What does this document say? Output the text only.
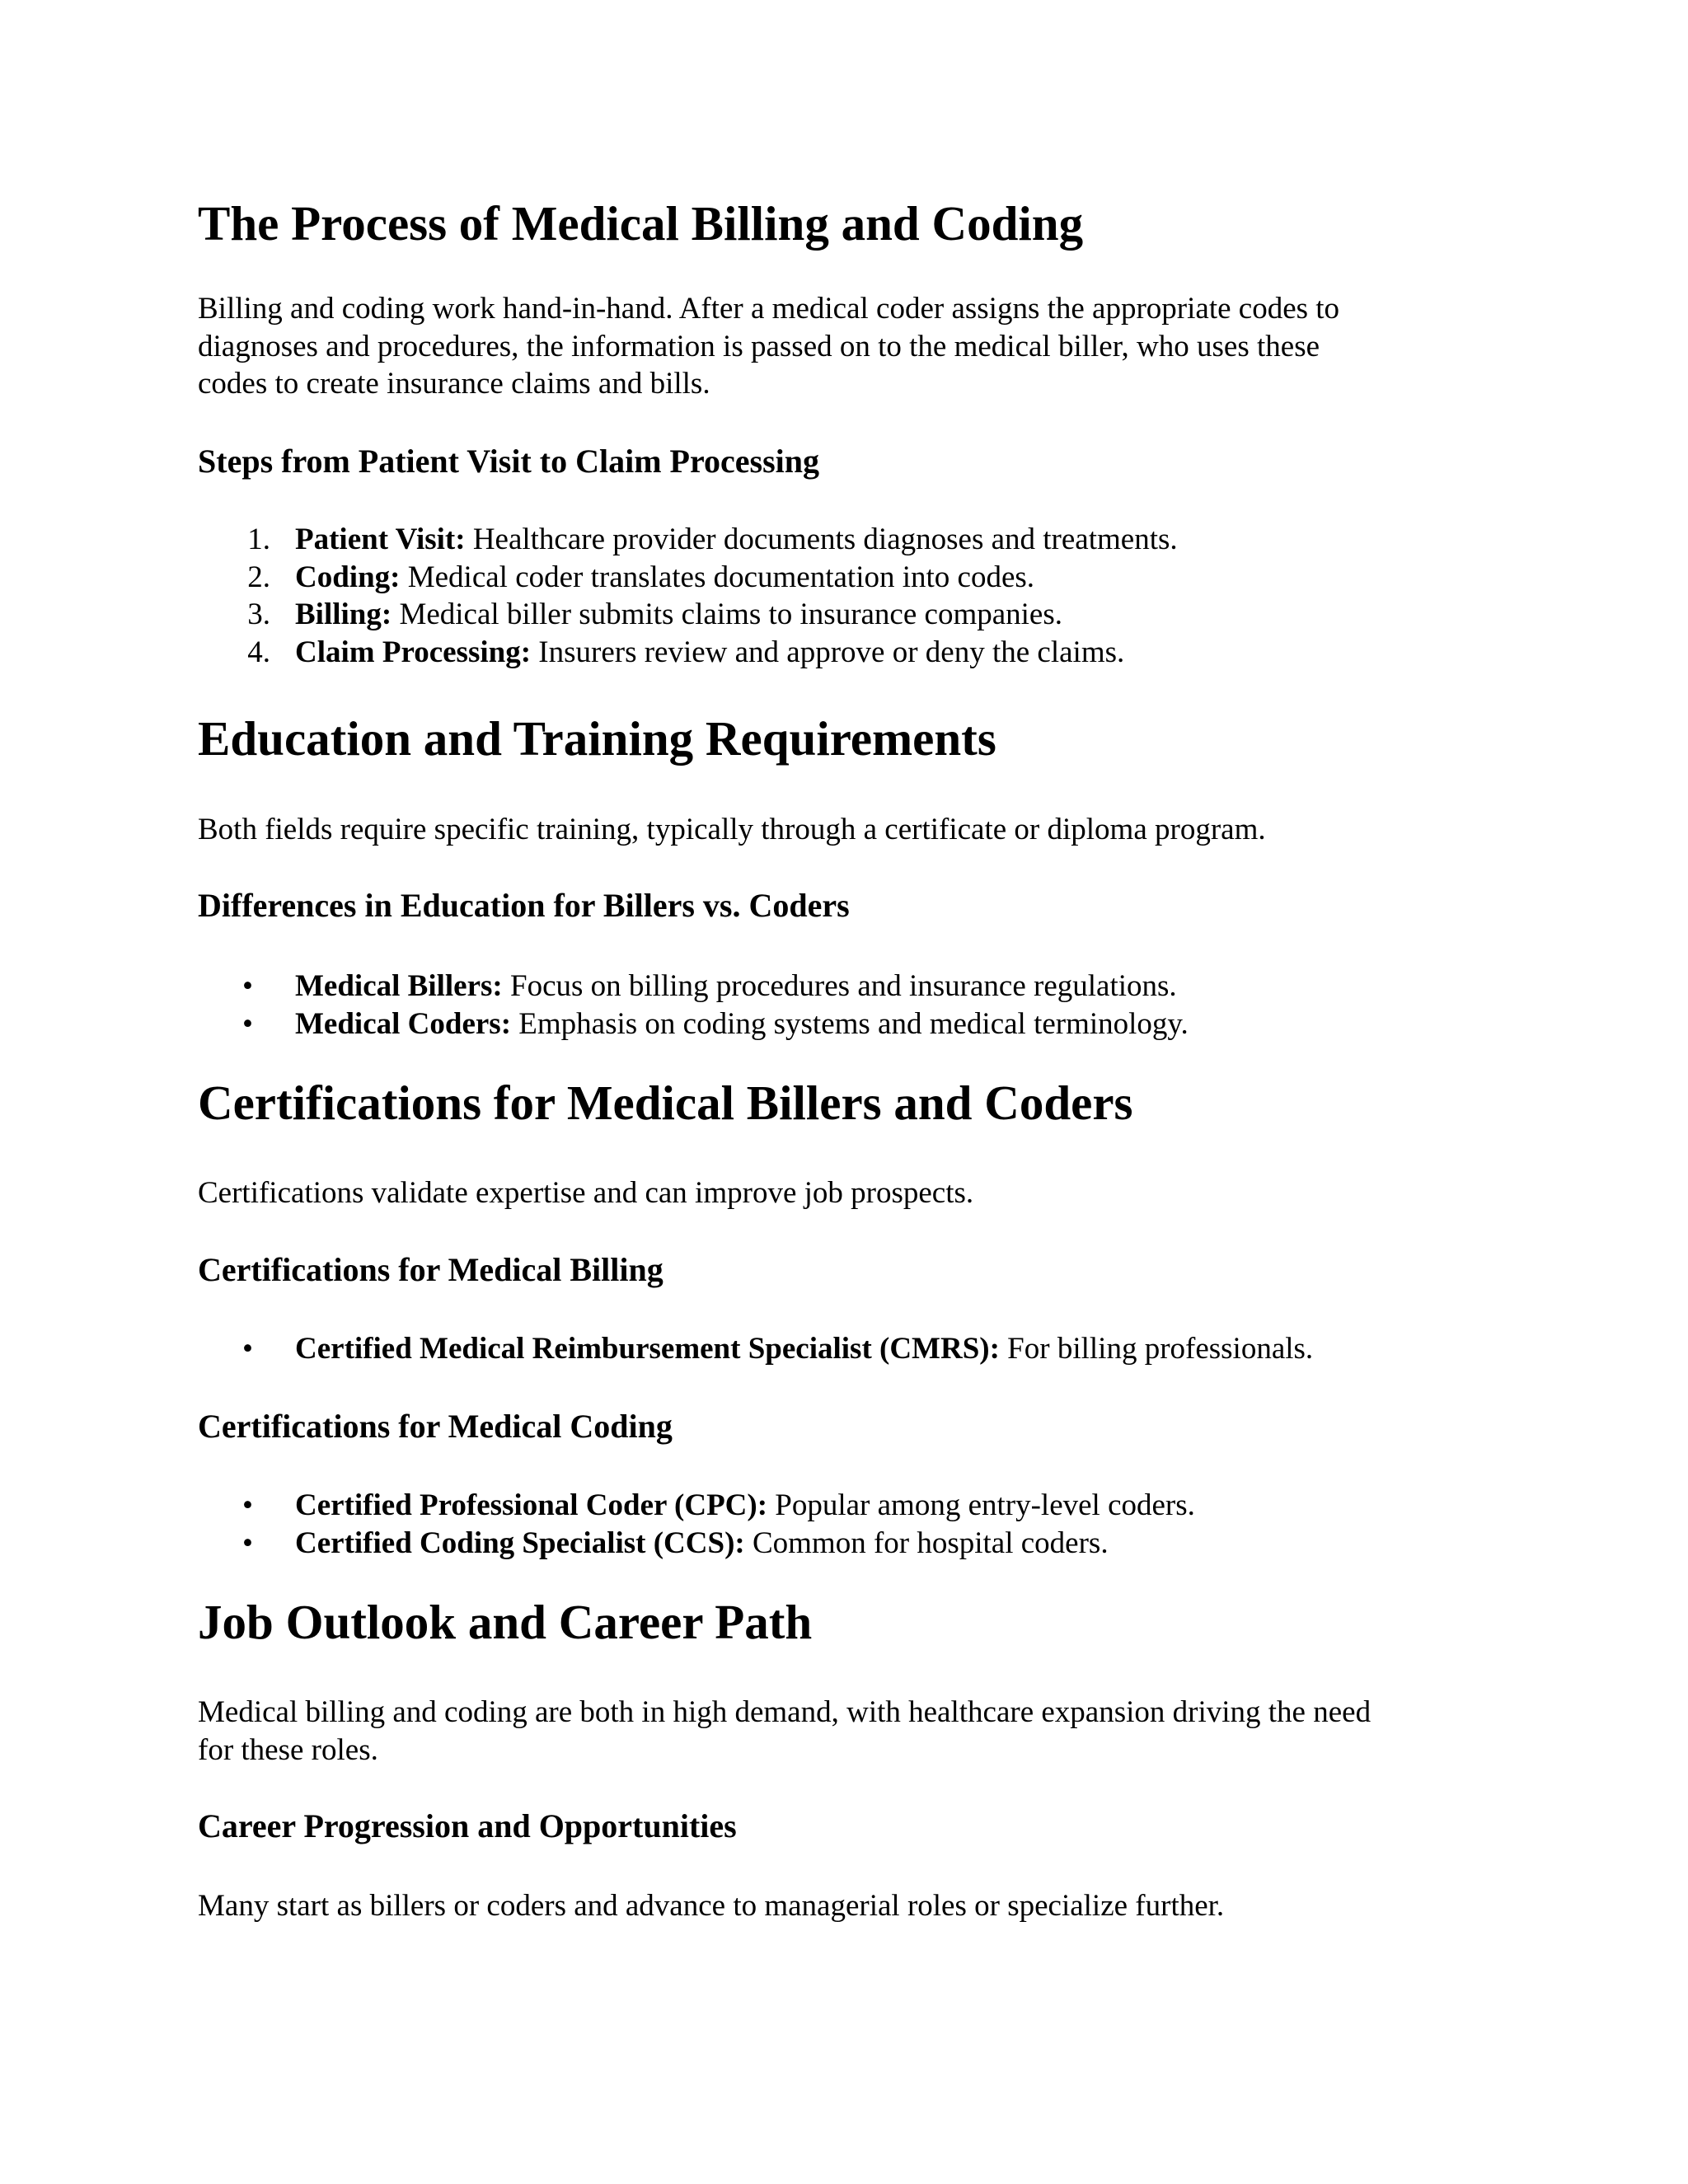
The Process of Medical Billing and Coding

Billing and coding work hand-in-hand. After a medical coder assigns the appropriate codes to
diagnoses and procedures, the information is passed on to the medical biller, who uses these
codes to create insurance claims and bills.

Steps from Patient Visit to Claim Processing
1. Patient Visit: Healthcare provider documents diagnoses and treatments.
2. Coding: Medical coder translates documentation into codes.
3. Billing: Medical biller submits claims to insurance companies.
4. Claim Processing: Insurers review and approve or deny the claims.
Education and Training Requirements

Both fields require specific training, typically through a certificate or diploma program.

Differences in Education for Billers vs. Coders
• Medical Billers: Focus on billing procedures and insurance regulations.
• Medical Coders: Emphasis on coding systems and medical terminology.
Certifications for Medical Billers and Coders

Certifications validate expertise and can improve job prospects.

Certifications for Medical Billing
• Certified Medical Reimbursement Specialist (CMRS): For billing professionals.
Certifications for Medical Coding
• Certified Professional Coder (CPC): Popular among entry-level coders.
• Certified Coding Specialist (CCS): Common for hospital coders.
Job Outlook and Career Path

Medical billing and coding are both in high demand, with healthcare expansion driving the need
for these roles.

Career Progression and Opportunities

Many start as billers or coders and advance to managerial roles or specialize further.
